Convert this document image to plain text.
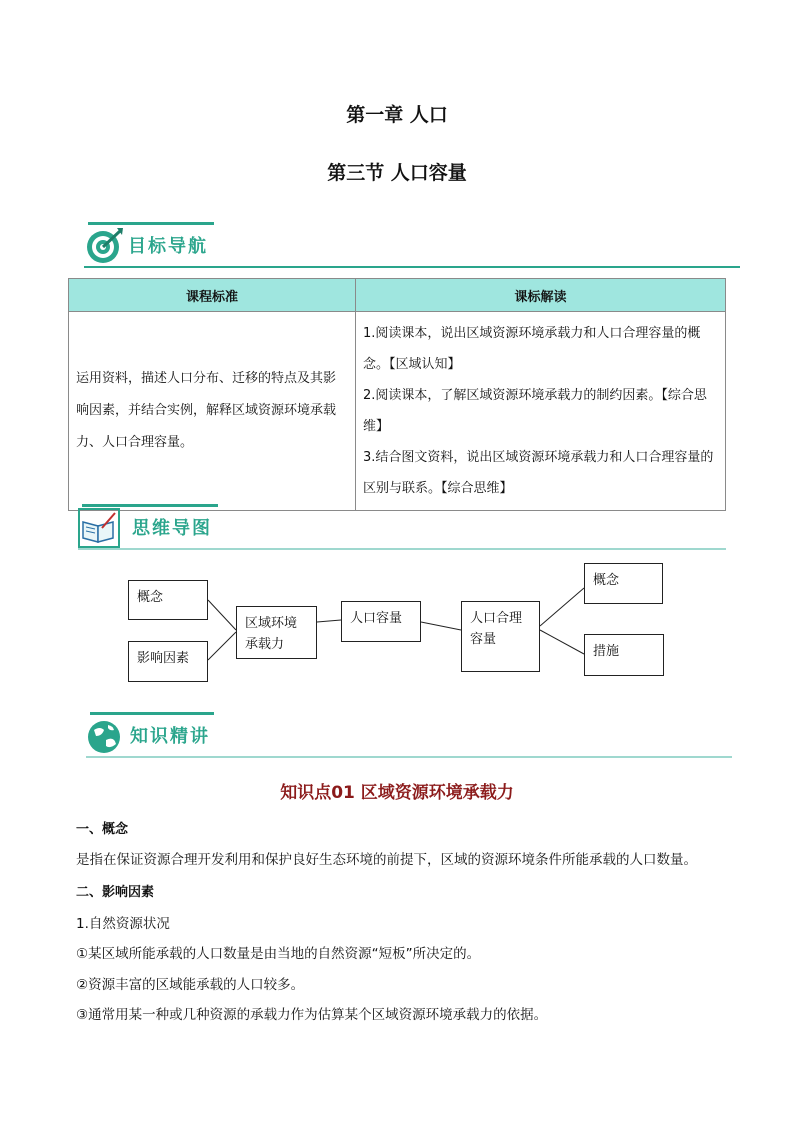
第一章 人口
第三节 人口容量
目标导航
课程标准	课标解读
运用资料，描述人口分布、迁移的特点及其影响因素，并结合实例，解释区域资源环境承载力、人口合理容量。	1.阅读课本，说出区域资源环境承载力和人口合理容量的概念。【区域认知】
2.阅读课本，了解区域资源环境承载力的制约因素。【综合思维】
3.结合图文资料，说出区域资源环境承载力和人口合理容量的区别与联系。【综合思维】
思维导图
概念
影响因素
区域环境承载力
人口容量	人口合理容量
概念
措施
知识精讲
知识点01 区域资源环境承载力
一、概念
是指在保证资源合理开发利用和保护良好生态环境的前提下，区域的资源环境条件所能承载的人口数量。
二、影响因素
1.自然资源状况
①某区域所能承载的人口数量是由当地的自然资源“短板”所决定的。
②资源丰富的区域能承载的人口较多。
③通常用某一种或几种资源的承载力作为估算某个区域资源环境承载力的依据。
